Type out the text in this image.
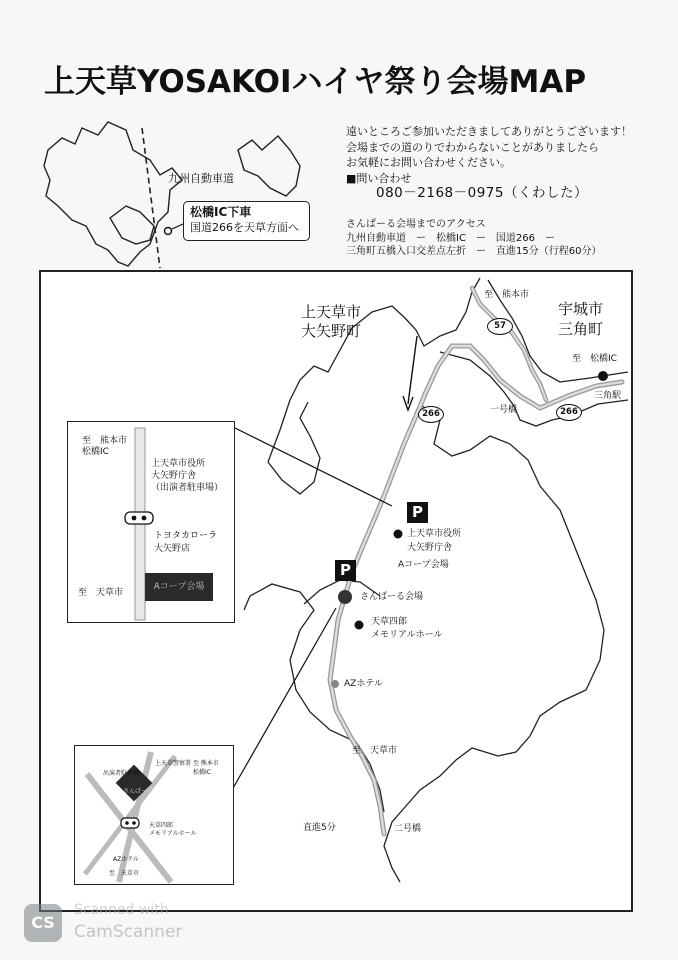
上天草YOSAKOIハイヤ祭り会場MAP
遠いところご参加いただきましてありがとうございます！
会場までの道のりでわからないことがありましたら
お気軽にお問い合わせください。
■問い合わせ
080－2168－0975（くわした）
さんぱーる会場までのアクセス
九州自動車道　ー　松橋IC　ー　国道266　ー
三角町五橋入口交差点左折　ー　直進15分（行程60分）
九州自動車道
松橋IC下車
国道266を天草方面へ
上天草市
大矢野町
宇城市
三角町
至　熊本市
至　松橋IC
三角駅
一号橋
二号橋
57
266	266
P
P
上天草市役所
大矢野庁舎
Aコープ会場
さんぱーる会場
天草四郎
メモリアルホール
AZホテル
至　天草市
直進5分
至　熊本市
松橋IC
上天草市役所
大矢野庁舎
（出演者駐車場）
トヨタカローラ
大矢野店
至　天草市
Aコープ会場
上天草警察署
出演者駐車場
至 熊本市
松橋IC
さんぱーる
天草四郎
メモリアルホール
AZホテル
至　天草市
CS
Scanned with
CamScanner
